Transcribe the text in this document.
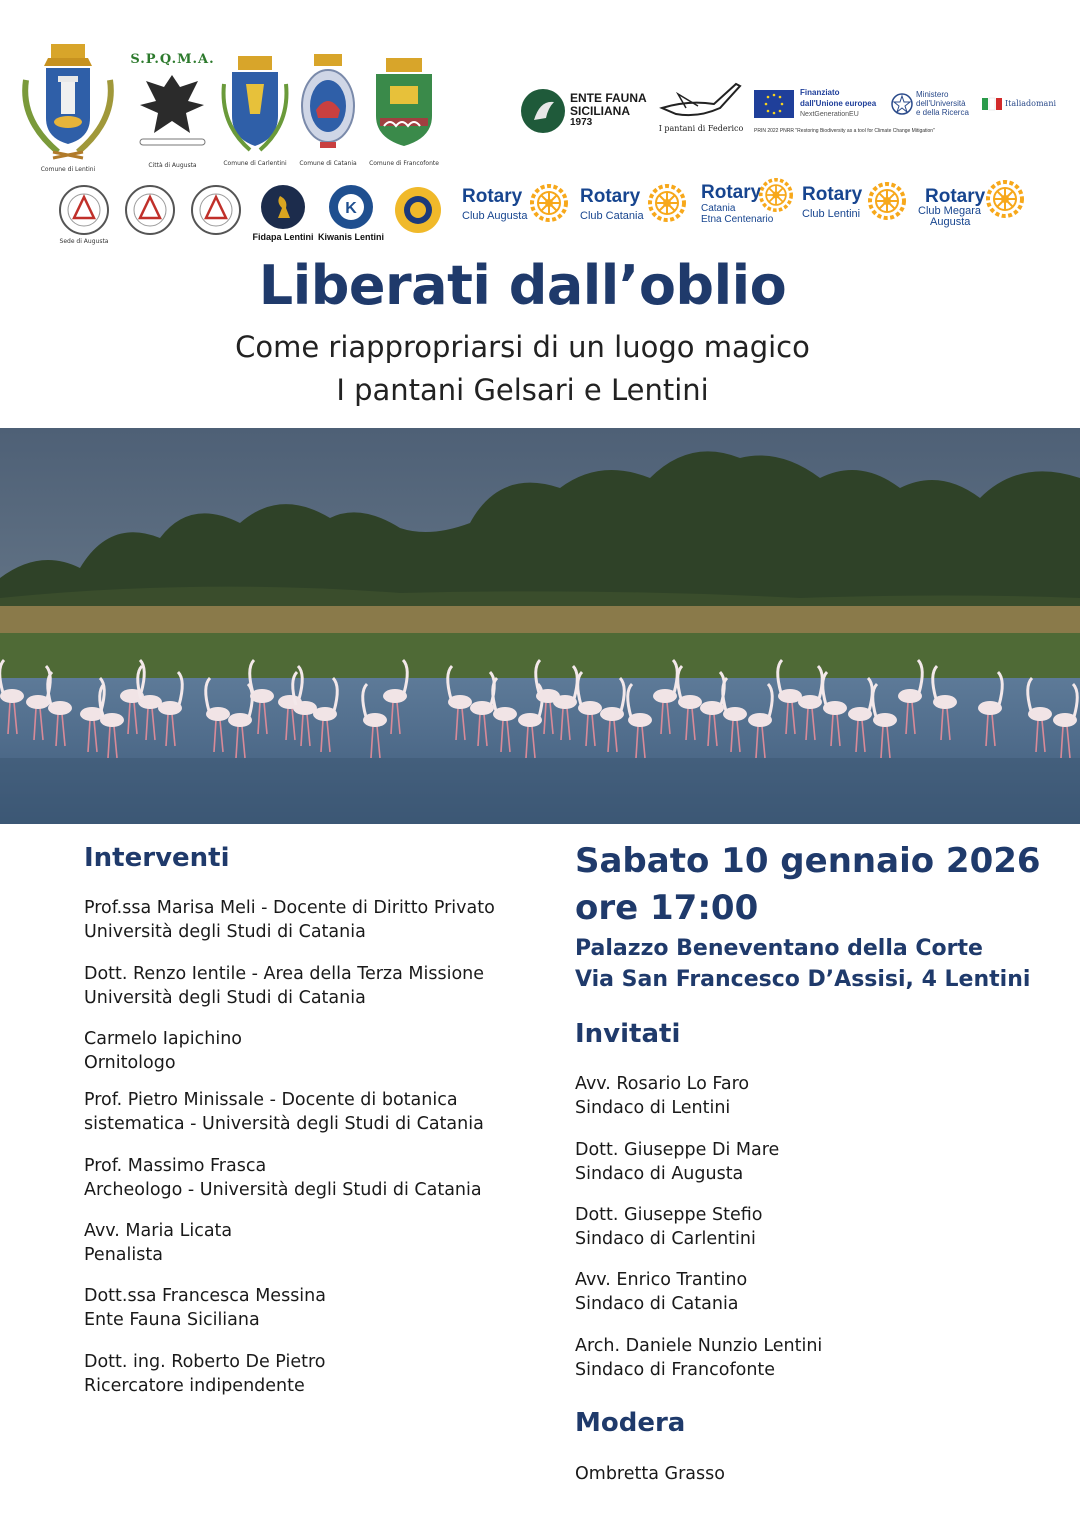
Comune di Lentini
S.P.Q.M.A.
Città di Augusta	Comune di Carlentini Comune di Catania Comune di Francofonte
ENTE FAUNA
SICILIANA
1973
I pantani di Federico
Finanziato
dall'Unione europea
NextGenerationEU
Ministero
dell'Università
e della Ricerca
Italiadomani
PRIN 2022 PNRR "Restoring Biodiversity as a tool for Climate Change Mitigation"
Sede di Augusta	Fidapa Lentini
K
Kiwanis Lentini
Rotary
Club Augusta
Rotary
Club Catania
Rotary
Catania
Etna Centenario
Rotary
Club Lentini
Rotary
Club Megara
Augusta
Liberati dall’oblio
Come riappropriarsi di un luogo magico
I pantani Gelsari e Lentini
Interventi
Prof.ssa Marisa Meli - Docente di Diritto Privato
Università degli Studi di Catania
Dott. Renzo Ientile - Area della Terza Missione
Università degli Studi di Catania
Carmelo Iapichino
Ornitologo
Prof. Pietro Minissale - Docente di botanica
sistematica - Università degli Studi di Catania
Prof. Massimo Frasca
Archeologo - Università degli Studi di Catania
Avv. Maria Licata
Penalista
Dott.ssa Francesca Messina
Ente Fauna Siciliana
Dott. ing. Roberto De Pietro
Ricercatore indipendente
Sabato 10 gennaio 2026
ore 17:00
Palazzo Beneventano della Corte
Via San Francesco D’Assisi, 4 Lentini
Invitati
Avv. Rosario Lo Faro
Sindaco di Lentini
Dott. Giuseppe Di Mare
Sindaco di Augusta
Dott. Giuseppe Stefio
Sindaco di Carlentini
Avv. Enrico Trantino
Sindaco di Catania
Arch. Daniele Nunzio Lentini
Sindaco di Francofonte
Modera
Ombretta Grasso
